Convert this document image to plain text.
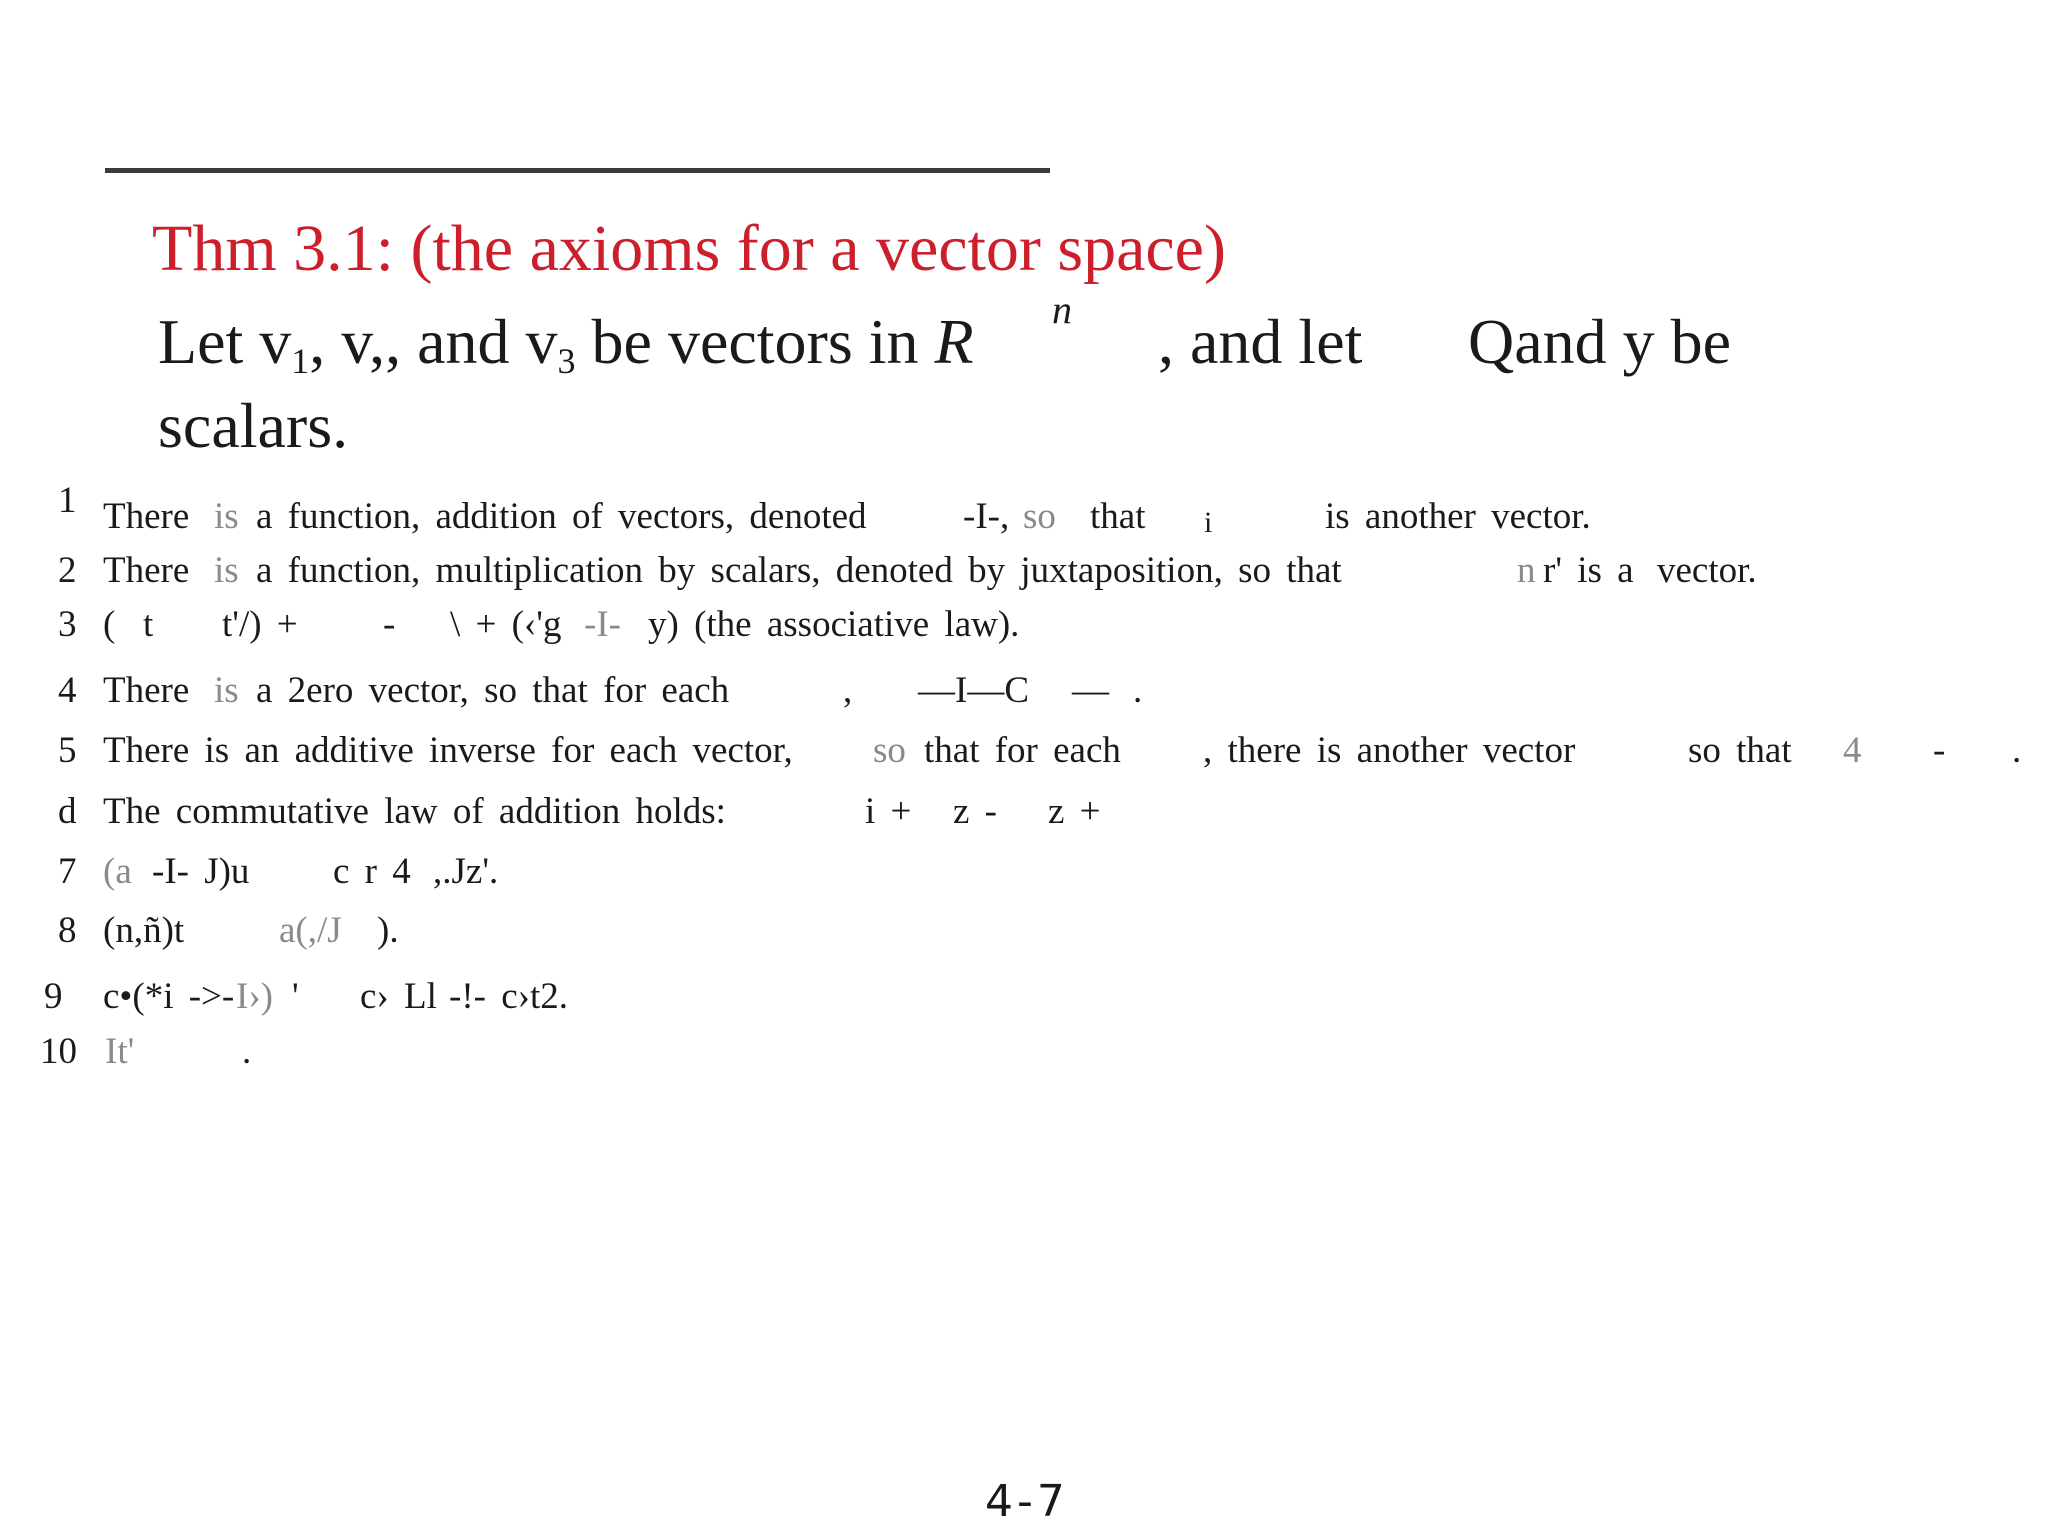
Thm 3.1: (the axioms for a vector space)
Let $v_1$, v,, and $v_3$ be vectors in R n , and let Qand y be
scalars.
1 There is a function, addition of vectors, denoted	-I-, so that i	is another vector.
2 There is a function, multiplication by scalars, denoted by juxtaposition, so that	n r' is a vector.
3 ( t t'/) + - \ + (‹'g -I- y) (the associative law).
4 There is a 2ero vector, so that for each	, —I—C — .
5 There is an additive inverse for each vector, so that for each , there is another vector	so that 4 - .
d The commutative law of addition holds:	i + z - z +
7 (a -I- J)u c r 4 ,.Jz'.
8 (n,ñ)t	a(,/J ).
9 c•(*i ->- I›) ' c› Ll -!- c›t2.
10 It'	.
4-7
